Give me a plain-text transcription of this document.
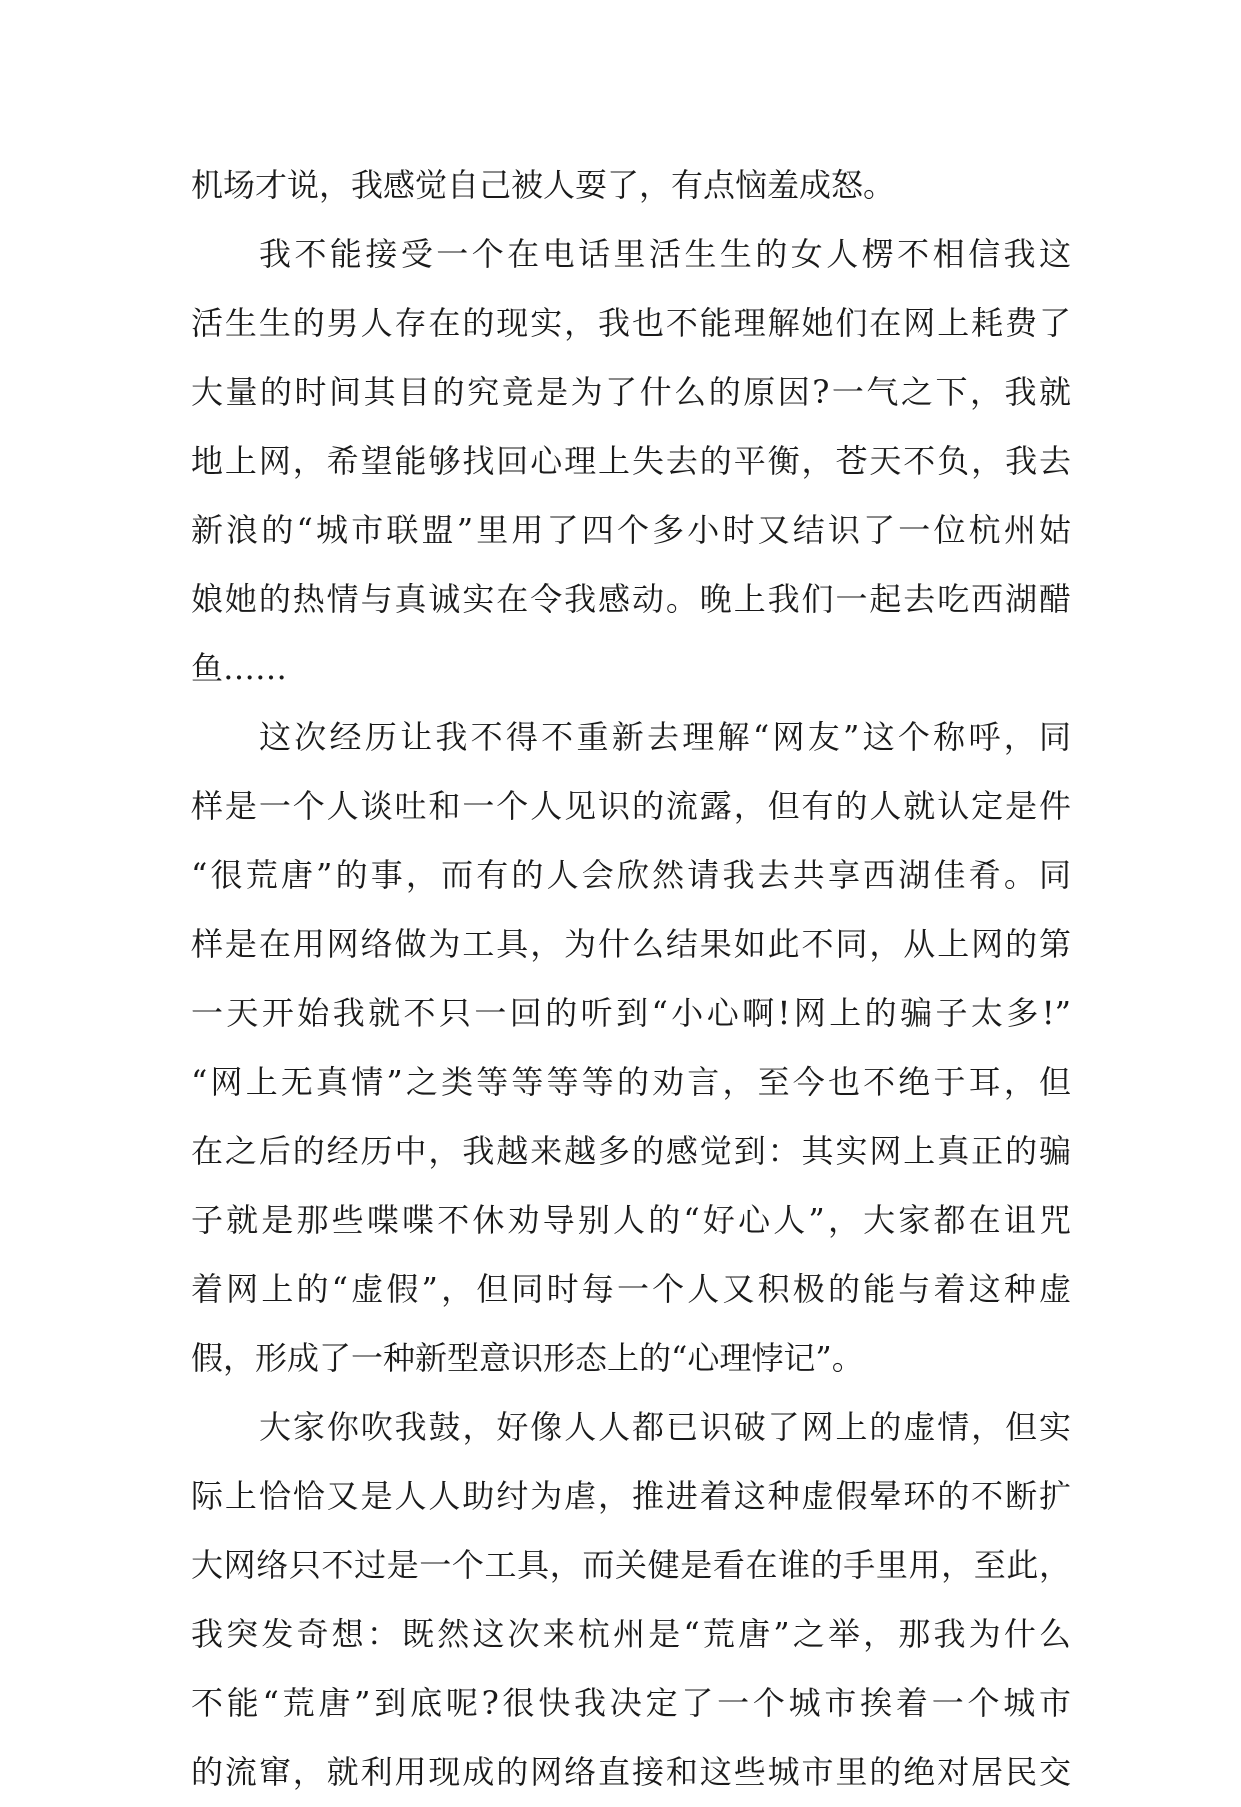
机场才说，我感觉自己被人耍了，有点恼羞成怒。
我不能接受一个在电话里活生生的女人楞不相信我这
活生生的男人存在的现实，我也不能理解她们在网上耗费了
大量的时间其目的究竟是为了什么的原因?一气之下，我就
地上网，希望能够找回心理上失去的平衡，苍天不负，我去
新浪的“城市联盟”里用了四个多小时又结识了一位杭州姑
娘她的热情与真诚实在令我感动。晚上我们一起去吃西湖醋
鱼……
这次经历让我不得不重新去理解“网友”这个称呼，同
样是一个人谈吐和一个人见识的流露，但有的人就认定是件
“很荒唐”的事，而有的人会欣然请我去共享西湖佳肴。同
样是在用网络做为工具，为什么结果如此不同，从上网的第
一天开始我就不只一回的听到“小心啊!网上的骗子太多!”
“网上无真情”之类等等等等的劝言，至今也不绝于耳，但
在之后的经历中，我越来越多的感觉到：其实网上真正的骗
子就是那些喋喋不休劝导别人的“好心人”，大家都在诅咒
着网上的“虚假”，但同时每一个人又积极的能与着这种虚
假，形成了一种新型意识形态上的“心理悖记”。
大家你吹我鼓，好像人人都已识破了网上的虚情，但实
际上恰恰又是人人助纣为虐，推进着这种虚假晕环的不断扩
大网络只不过是一个工具，而关健是看在谁的手里用，至此，
我突发奇想：既然这次来杭州是“荒唐”之举，那我为什么
不能“荒唐”到底呢?很快我决定了一个城市挨着一个城市
的流窜，就利用现成的网络直接和这些城市里的绝对居民交
